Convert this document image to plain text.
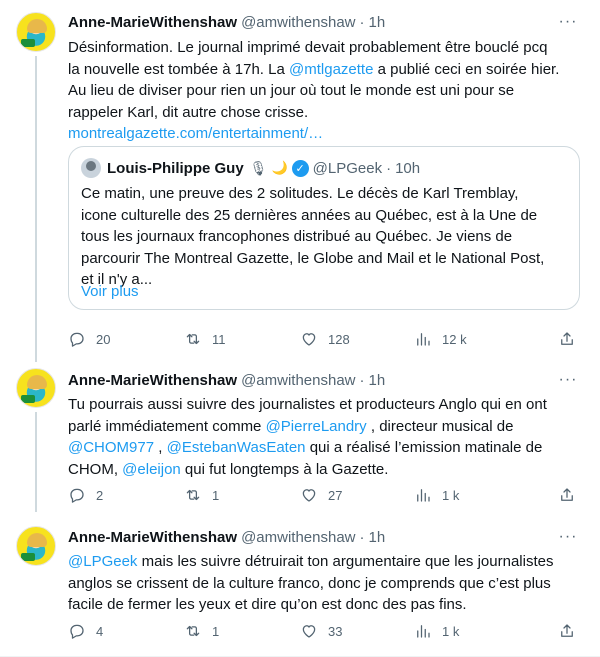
Anne-MarieWithenshaw @amwithenshaw · 1h	···
Désinformation. Le journal imprimé devait probablement être bouclé pcq
la nouvelle est tombée à 17h. La @mtlgazette a publié ceci en soirée hier.
Au lieu de diviser pour rien un jour où tout le monde est uni pour se
rappeler Karl, dit autre chose crisse.
montrealgazette.com/entertainment/…
Louis-Philippe Guy 🎙 🌙 ✓ @LPGeek · 10h
Ce matin, une preuve des 2 solitudes. Le décès de Karl Tremblay,
icone culturelle des 25 dernières années au Québec, est à la Une de
tous les journaux francophones distribué au Québec. Je viens de
parcourir The Montreal Gazette, le Globe and Mail et le National Post,
et il n'y a...
Voir plus
20	11	128	12 k
Anne-MarieWithenshaw @amwithenshaw · 1h	···
Tu pourrais aussi suivre des journalistes et producteurs Anglo qui en ont
parlé immédiatement comme @PierreLandry , directeur musical de
@CHOM977 , @EstebanWasEaten qui a réalisé l’emission matinale de
CHOM, @eleijon qui fut longtemps à la Gazette.
2	1	27	1 k
Anne-MarieWithenshaw @amwithenshaw · 1h	···
@LPGeek mais les suivre détruirait ton argumentaire que les journalistes
anglos se crissent de la culture franco, donc je comprends que c’est plus
facile de fermer les yeux et dire qu’on est donc des pas fins.
4	1	33	1 k
